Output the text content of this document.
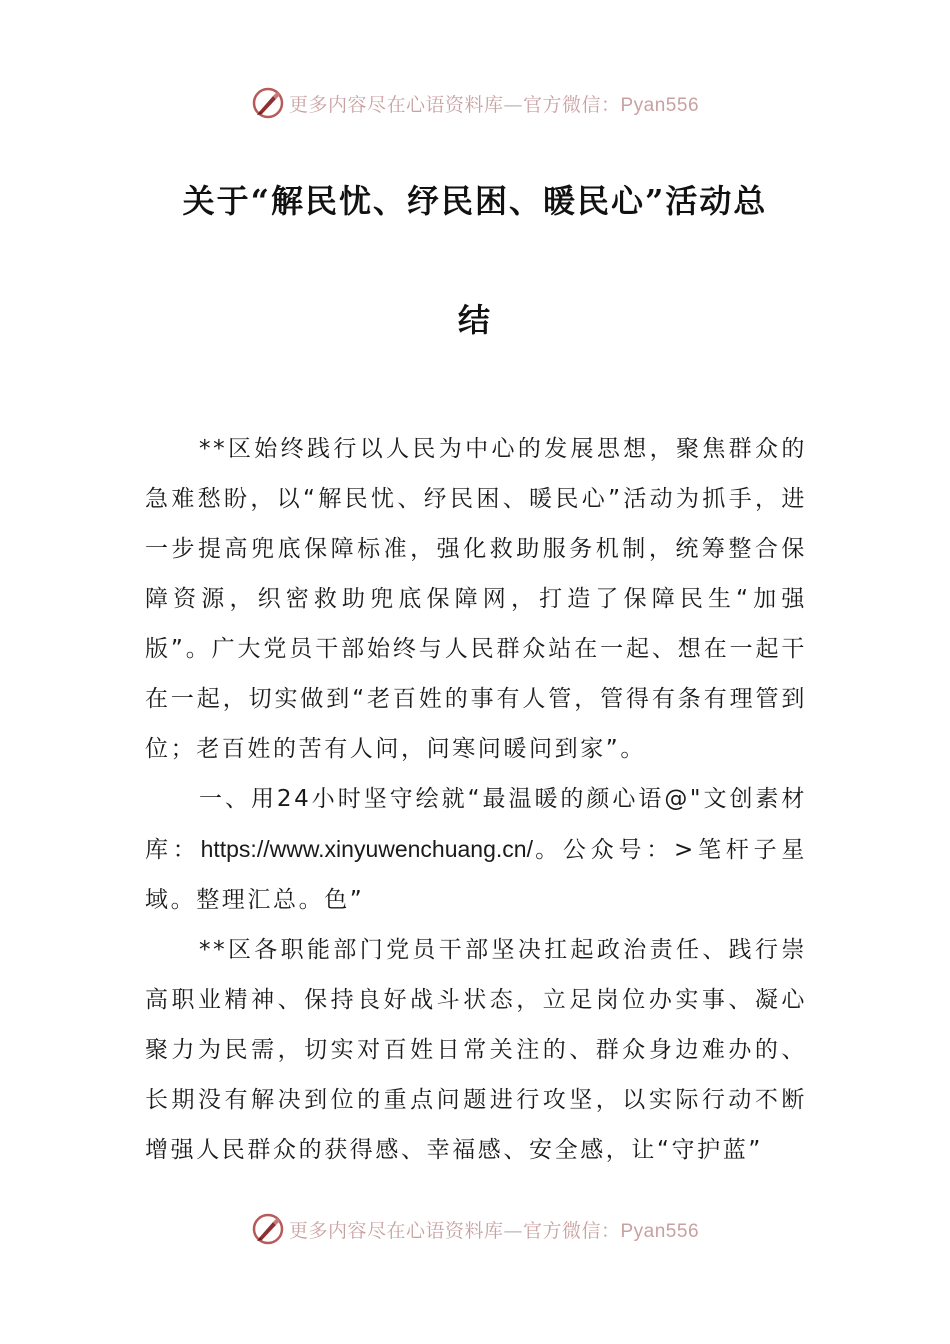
更多内容尽在心语资料库—官方微信：Pyan556
关于“解民忧、纾民困、暖民心”活动总
结

**区始终践行以人民为中心的发展思想，聚焦群众的急难愁盼，以“解民忧、纾民困、暖民心”活动为抓手，进一步提高兜底保障标准，强化救助服务机制，统筹整合保障资源，织密救助兜底保障网，打造了保障民生“加强版”。广大党员干部始终与人民群众站在一起、想在一起干在一起，切实做到“老百姓的事有人管，管得有条有理管到位；老百姓的苦有人问，问寒问暖问到家”。

一、用24小时坚守绘就“最温暖的颜心语@"文创素材库：https://www.xinyuwenchuang.cn/。公众号：>笔杆子星域。整理汇总。色”

**区各职能部门党员干部坚决扛起政治责任、践行崇高职业精神、保持良好战斗状态，立足岗位办实事、凝心聚力为民需，切实对百姓日常关注的、群众身边难办的、长期没有解决到位的重点问题进行攻坚，以实际行动不断增强人民群众的获得感、幸福感、安全感，让“守护蓝”

更多内容尽在心语资料库—官方微信：Pyan556
